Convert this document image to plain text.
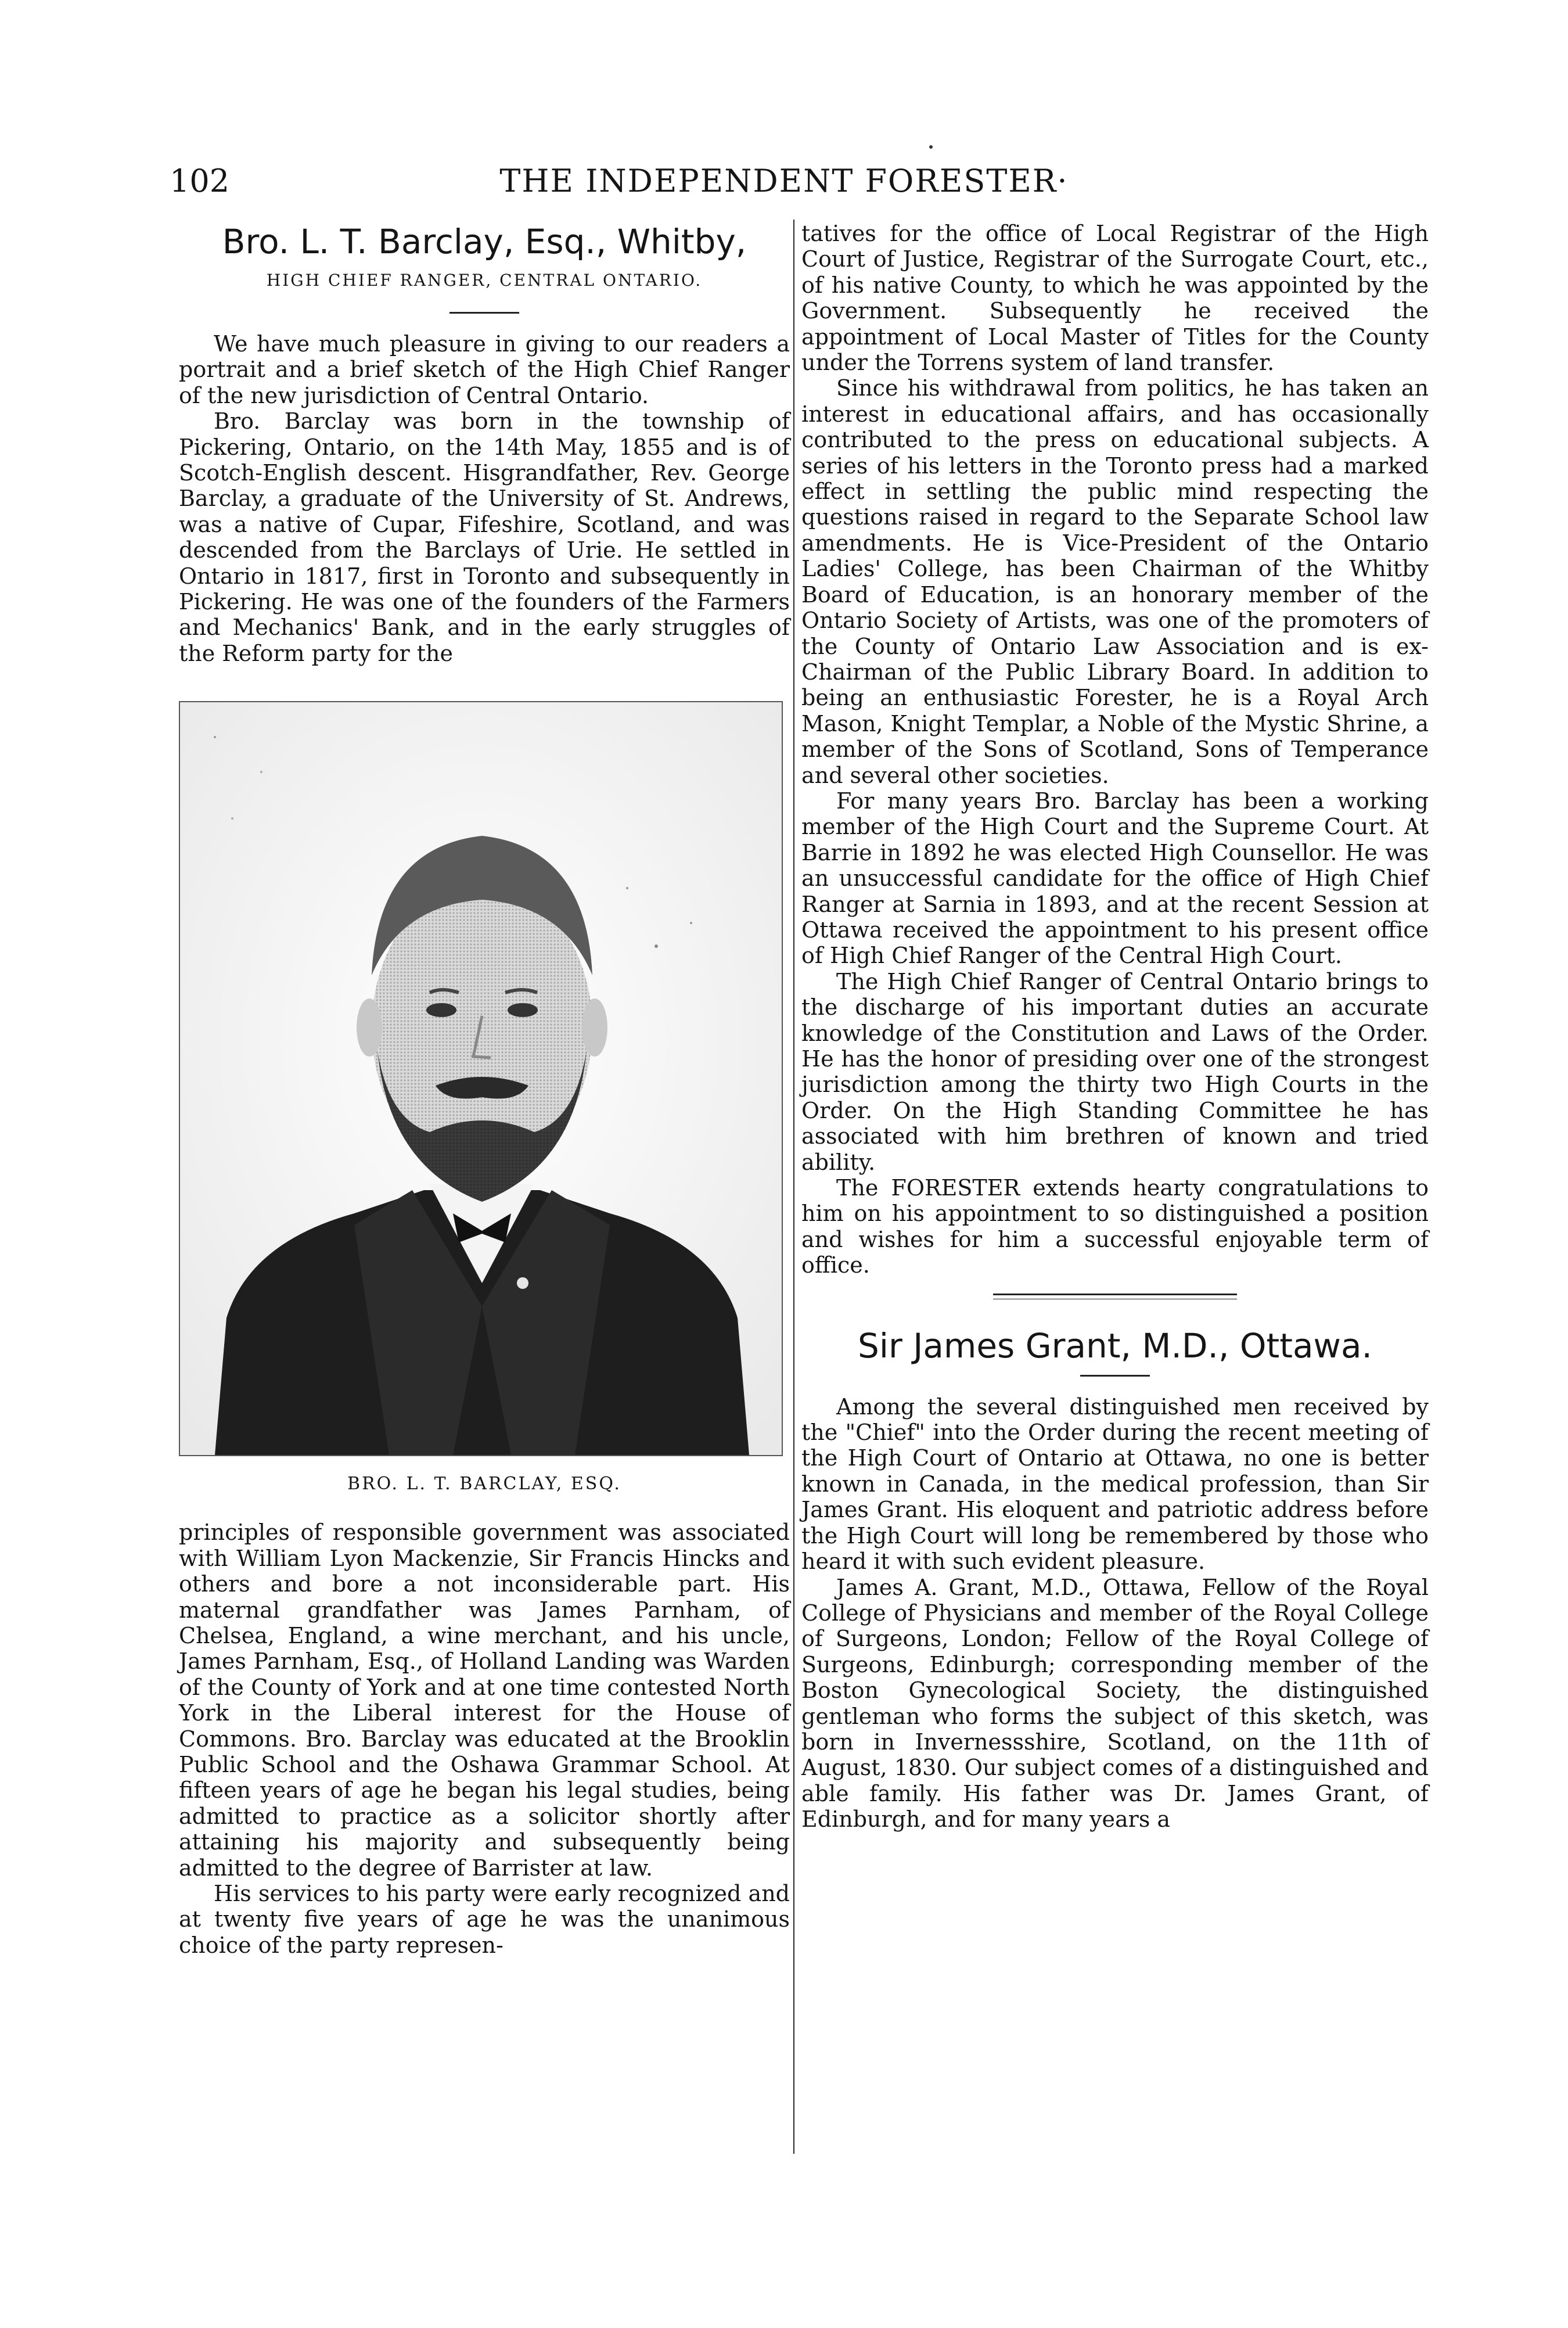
102	THE INDEPENDENT FORESTER·
Bro. L. T. Barclay, Esq., Whitby,
HIGH CHIEF RANGER, CENTRAL ONTARIO.

We have much pleasure in giving to our readers a portrait and a brief sketch of the High Chief Ranger of the new jurisdiction of Central Ontario.

Bro. Barclay was born in the township of Pickering, Ontario, on the 14th May, 1855 and is of Scotch-English descent. Hisgrandfather, Rev. George Barclay, a graduate of the University of St. Andrews, was a native of Cupar, Fifeshire, Scotland, and was descended from the Barclays of Urie. He settled in Ontario in 1817, first in Toronto and subsequently in Pickering. He was one of the founders of the Farmers and Mechanics' Bank, and in the early struggles of the Reform party for the

BRO. L. T. BARCLAY, ESQ.

principles of responsible government was associated with William Lyon Mackenzie, Sir Francis Hincks and others and bore a not inconsiderable part. His maternal grandfather was James Parnham, of Chelsea, England, a wine merchant, and his uncle, James Parnham, Esq., of Holland Landing was Warden of the County of York and at one time contested North York in the Liberal interest for the House of Commons. Bro. Barclay was educated at the Brooklin Public School and the Oshawa Grammar School. At fifteen years of age he began his legal studies, being admitted to practice as a solicitor shortly after attaining his majority and subsequently being admitted to the degree of Barrister at law.

His services to his party were early recognized and at twenty five years of age he was the unanimous choice of the party represen-

tatives for the office of Local Registrar of the High Court of Justice, Registrar of the Surrogate Court, etc., of his native County, to which he was appointed by the Government. Subsequently he received the appointment of Local Master of Titles for the County under the Torrens system of land transfer.

Since his withdrawal from politics, he has taken an interest in educational affairs, and has occasionally contributed to the press on educational subjects. A series of his letters in the Toronto press had a marked effect in settling the public mind respecting the questions raised in regard to the Separate School law amendments. He is Vice-President of the Ontario Ladies' College, has been Chairman of the Whitby Board of Education, is an honorary member of the Ontario Society of Artists, was one of the promoters of the County of Ontario Law Association and is ex-Chairman of the Public Library Board. In addition to being an enthusiastic Forester, he is a Royal Arch Mason, Knight Templar, a Noble of the Mystic Shrine, a member of the Sons of Scotland, Sons of Temperance and several other societies.

For many years Bro. Barclay has been a working member of the High Court and the Supreme Court. At Barrie in 1892 he was elected High Counsellor. He was an unsuccessful candidate for the office of High Chief Ranger at Sarnia in 1893, and at the recent Session at Ottawa received the appointment to his present office of High Chief Ranger of the Central High Court.

The High Chief Ranger of Central Ontario brings to the discharge of his important duties an accurate knowledge of the Constitution and Laws of the Order. He has the honor of presiding over one of the strongest jurisdiction among the thirty two High Courts in the Order. On the High Standing Committee he has associated with him brethren of known and tried ability.

The FORESTER extends hearty congratulations to him on his appointment to so distinguished a position and wishes for him a successful enjoyable term of office.

Sir James Grant, M.D., Ottawa.

Among the several distinguished men received by the "Chief" into the Order during the recent meeting of the High Court of Ontario at Ottawa, no one is better known in Canada, in the medical profession, than Sir James Grant. His eloquent and patriotic address before the High Court will long be remembered by those who heard it with such evident pleasure.

James A. Grant, M.D., Ottawa, Fellow of the Royal College of Physicians and member of the Royal College of Surgeons, London; Fellow of the Royal College of Surgeons, Edinburgh; corresponding member of the Boston Gynecological Society, the distinguished gentleman who forms the subject of this sketch, was born in Invernessshire, Scotland, on the 11th of August, 1830. Our subject comes of a distinguished and able family. His father was Dr. James Grant, of Edinburgh, and for many years a
